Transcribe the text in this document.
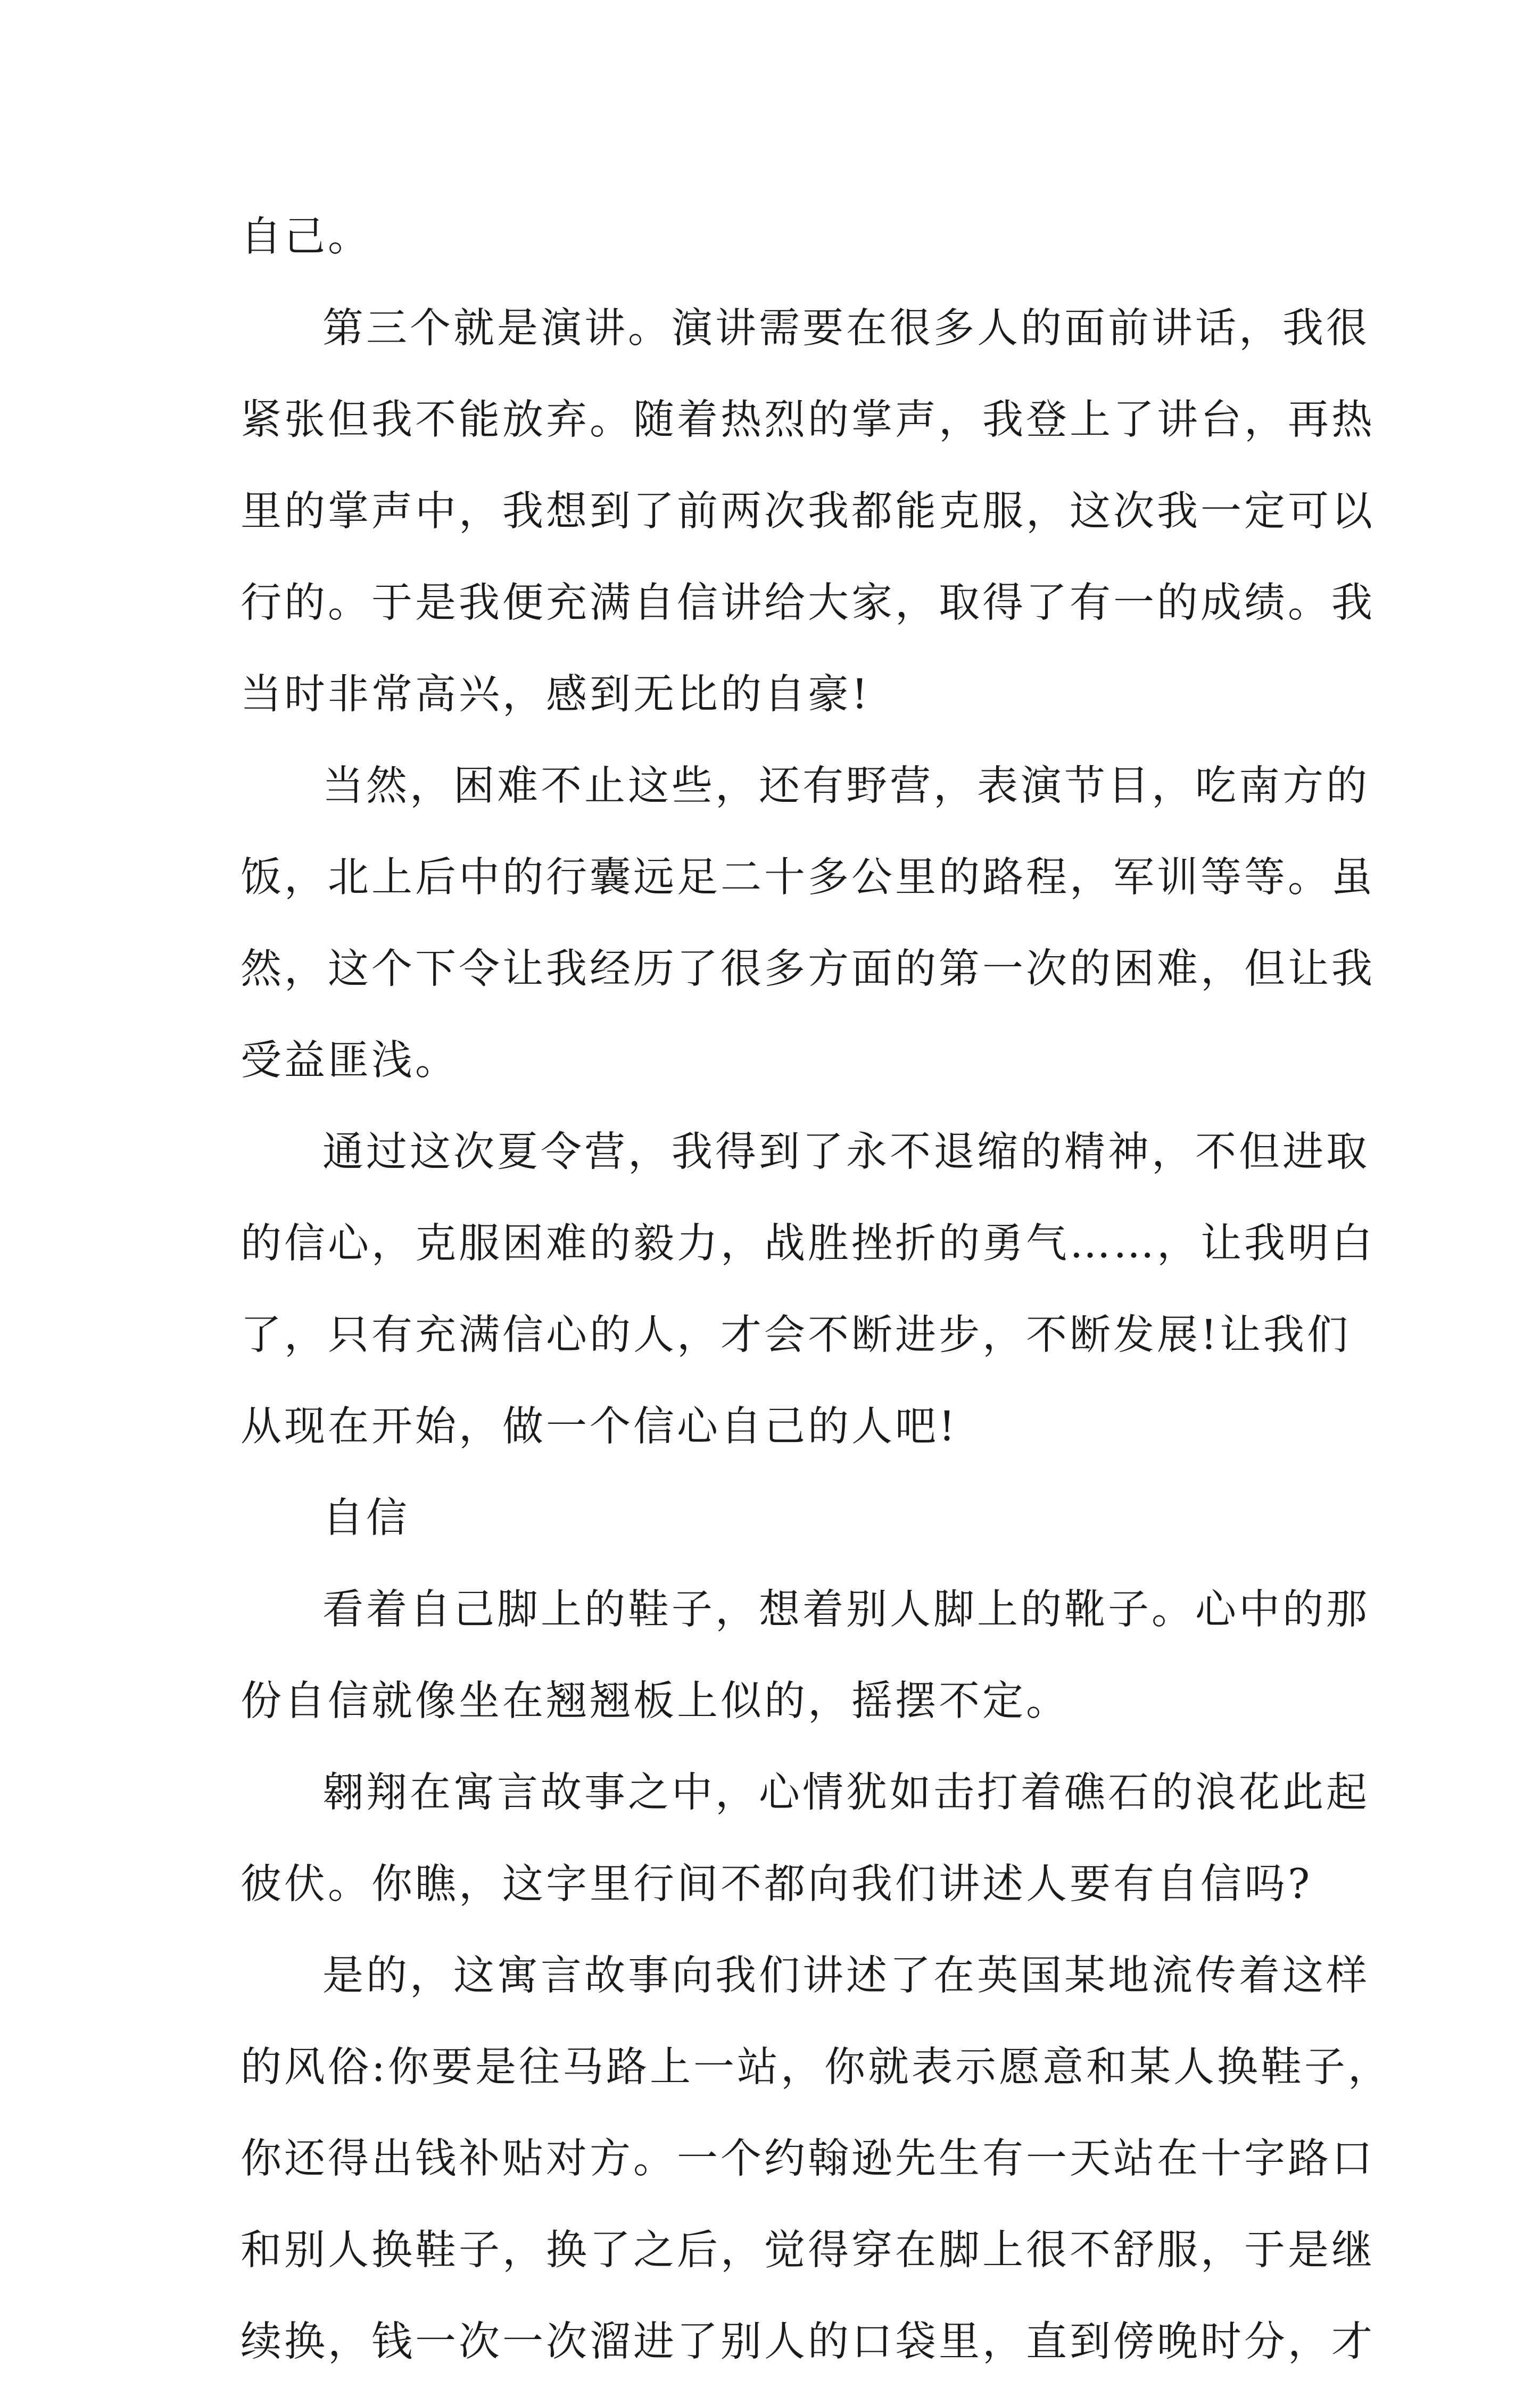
自己。
第三个就是演讲。演讲需要在很多人的面前讲话，我很
紧张但我不能放弃。随着热烈的掌声，我登上了讲台，再热
里的掌声中，我想到了前两次我都能克服，这次我一定可以
行的。于是我便充满自信讲给大家，取得了有一的成绩。我
当时非常高兴，感到无比的自豪!
当然，困难不止这些，还有野营，表演节目，吃南方的
饭，北上后中的行囊远足二十多公里的路程，军训等等。虽
然，这个下令让我经历了很多方面的第一次的困难，但让我
受益匪浅。
通过这次夏令营，我得到了永不退缩的精神，不但进取
的信心，克服困难的毅力，战胜挫折的勇气……，让我明白
了，只有充满信心的人，才会不断进步，不断发展!让我们
从现在开始，做一个信心自己的人吧!
自信
看着自己脚上的鞋子，想着别人脚上的靴子。心中的那
份自信就像坐在翘翘板上似的，摇摆不定。
翱翔在寓言故事之中，心情犹如击打着礁石的浪花此起
彼伏。你瞧，这字里行间不都向我们讲述人要有自信吗?
是的，这寓言故事向我们讲述了在英国某地流传着这样
的风俗:你要是往马路上一站，你就表示愿意和某人换鞋子，
你还得出钱补贴对方。一个约翰逊先生有一天站在十字路口
和别人换鞋子，换了之后，觉得穿在脚上很不舒服，于是继
续换，钱一次一次溜进了别人的口袋里，直到傍晚时分，才
